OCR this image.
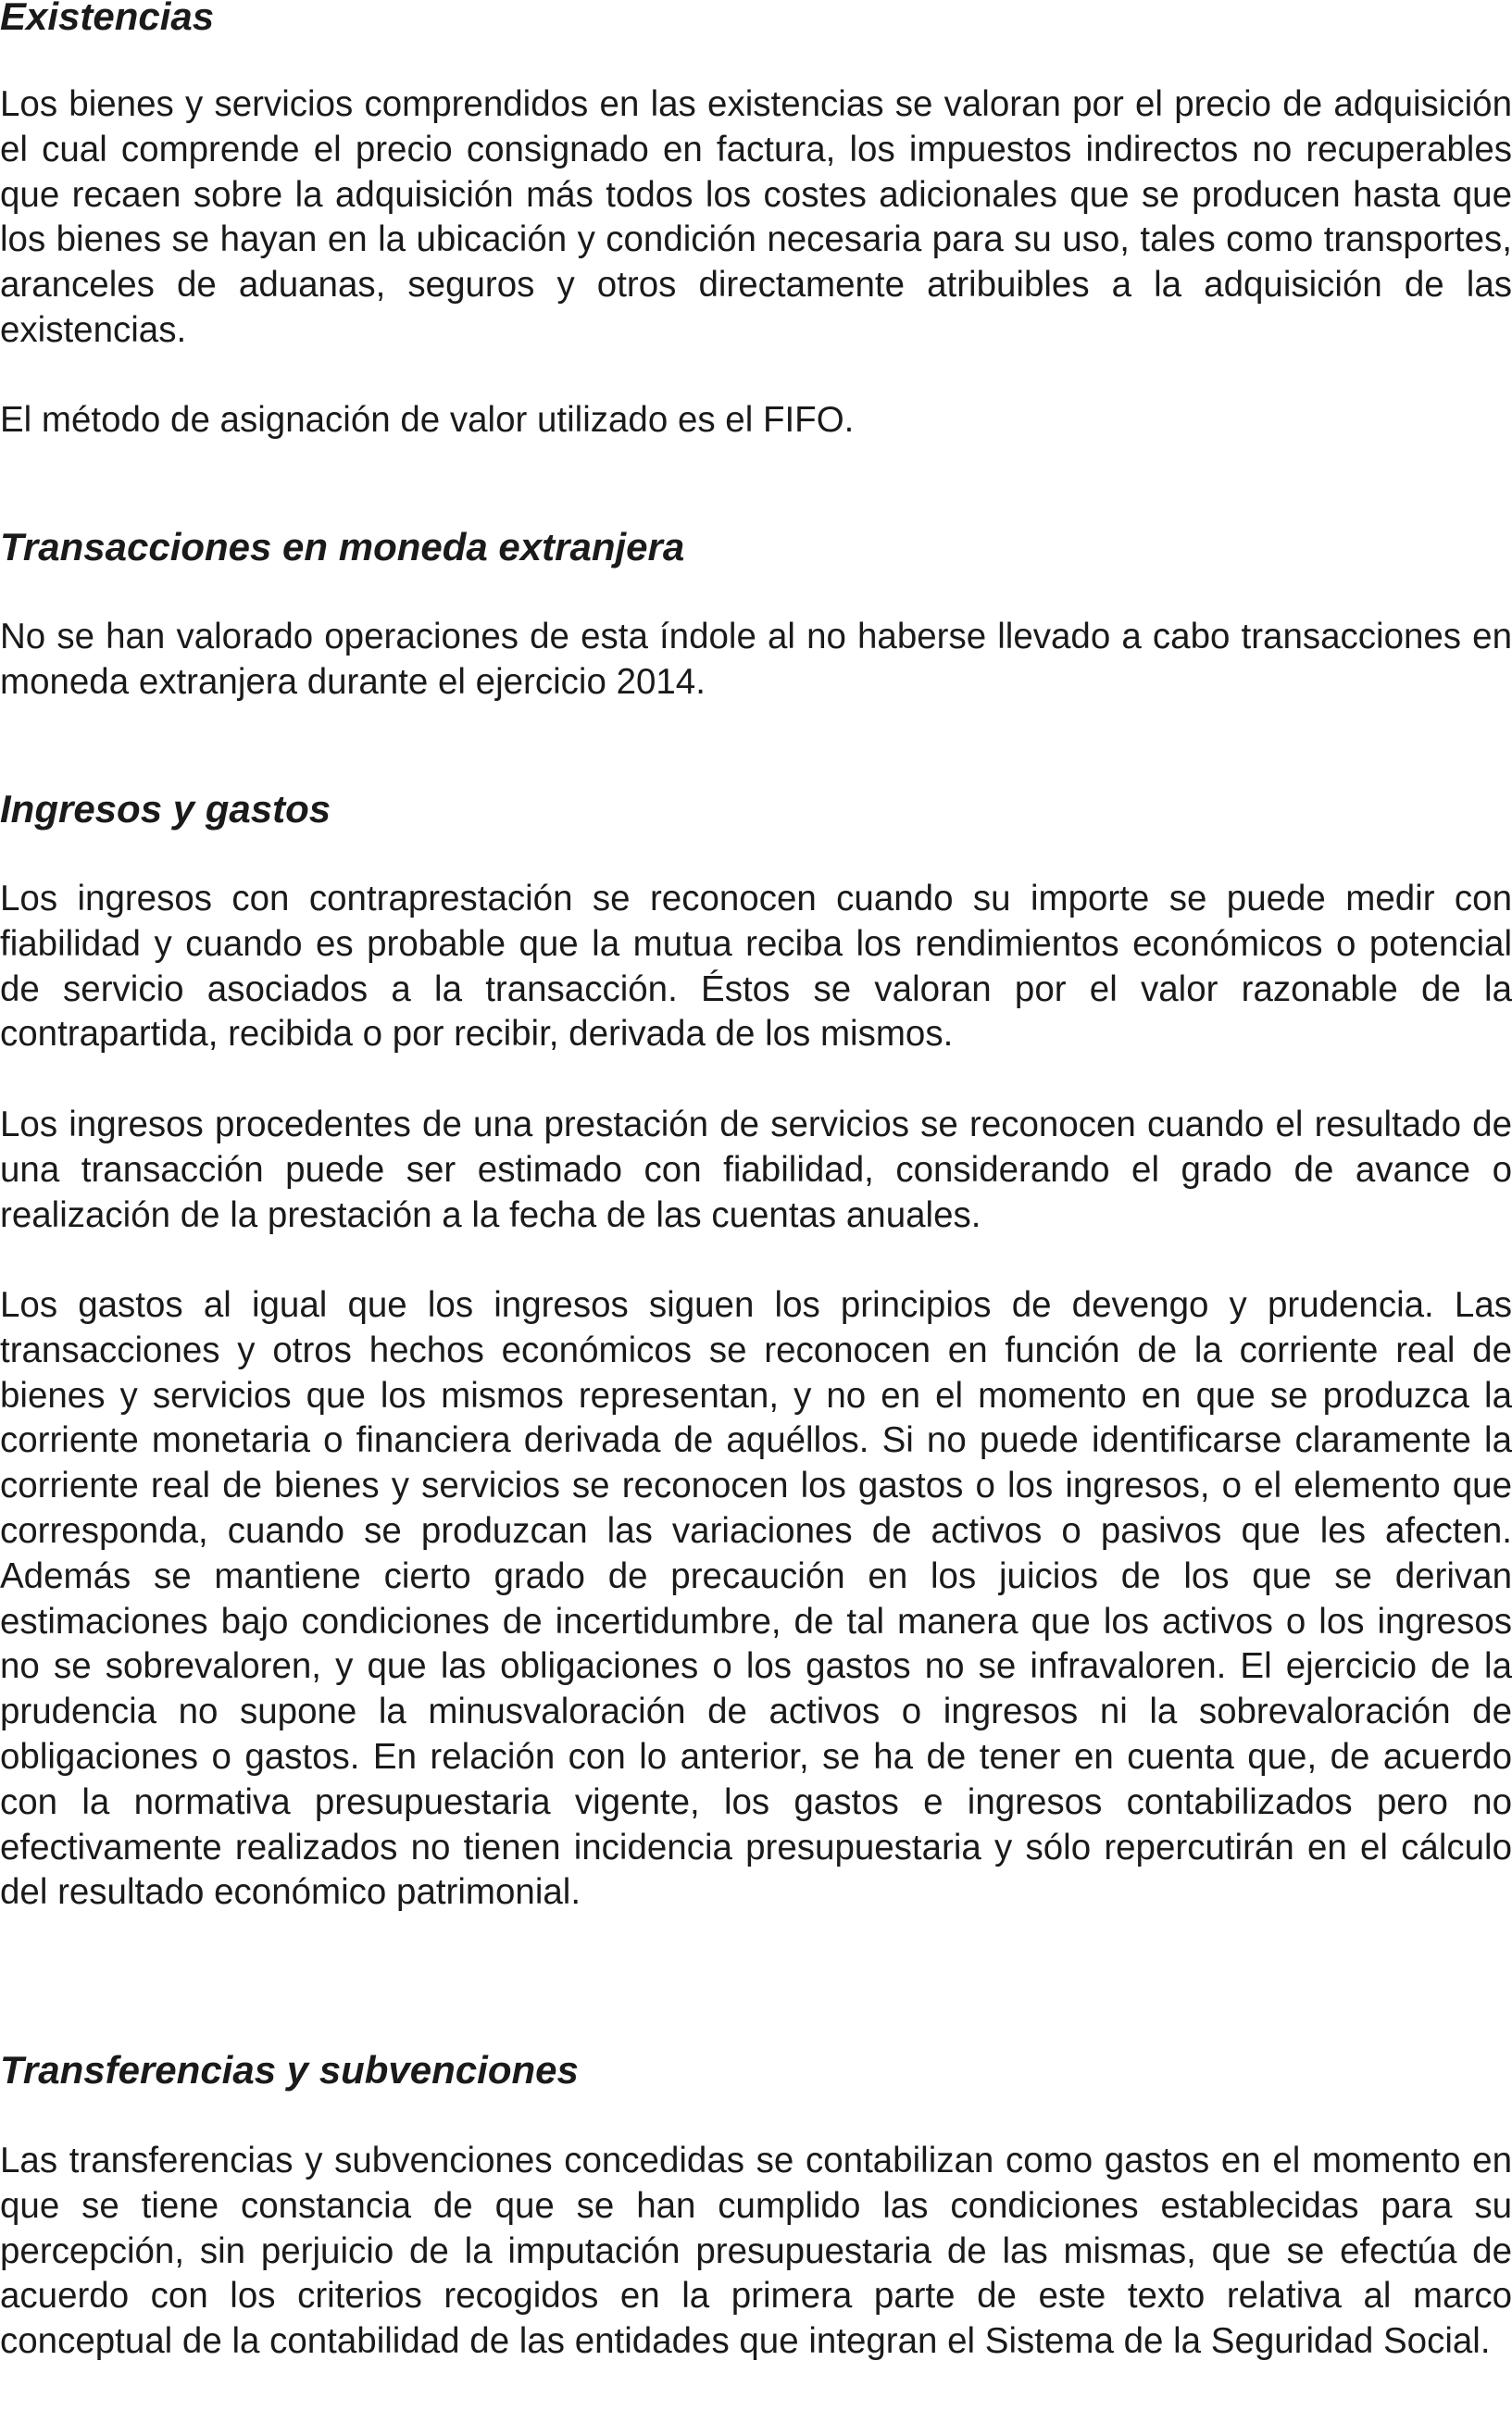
Existencias

Los bienes y servicios comprendidos en las existencias se valoran por el precio de adquisición el cual comprende el precio consignado en factura, los impuestos indirectos no recuperables que recaen sobre la adquisición más todos los costes adicionales que se producen hasta que los bienes se hayan en la ubicación y condición necesaria para su uso, tales como transportes, aranceles de aduanas, seguros y otros directamente atribuibles a la adquisición de las existencias.

El método de asignación de valor utilizado es el FIFO.

Transacciones en moneda extranjera

No se han valorado operaciones de esta índole al no haberse llevado a cabo transacciones en moneda extranjera durante el ejercicio 2014.

Ingresos y gastos

Los ingresos con contraprestación se reconocen cuando su importe se puede medir con fiabilidad y cuando es probable que la mutua reciba los rendimientos económicos o potencial de servicio asociados a la transacción. Éstos se valoran por el valor razonable de la contrapartida, recibida o por recibir, derivada de los mismos.

Los ingresos procedentes de una prestación de servicios se reconocen cuando el resultado de una transacción puede ser estimado con fiabilidad, considerando el grado de avance o realización de la prestación a la fecha de las cuentas anuales.

Los gastos al igual que los ingresos siguen los principios de devengo y prudencia. Las transacciones y otros hechos económicos se reconocen en función de la corriente real de bienes y servicios que los mismos representan, y no en el momento en que se produzca la corriente monetaria o financiera derivada de aquéllos. Si no puede identificarse claramente la corriente real de bienes y servicios se reconocen los gastos o los ingresos, o el elemento que corresponda, cuando se produzcan las variaciones de activos o pasivos que les afecten. Además se mantiene cierto grado de precaución en los juicios de los que se derivan estimaciones bajo condiciones de incertidumbre, de tal manera que los activos o los ingresos no se sobrevaloren, y que las obligaciones o los gastos no se infravaloren. El ejercicio de la prudencia no supone la minusvaloración de activos o ingresos ni la sobrevaloración de obligaciones o gastos. En relación con lo anterior, se ha de tener en cuenta que, de acuerdo con la normativa presupuestaria vigente, los gastos e ingresos contabilizados pero no efectivamente realizados no tienen incidencia presupuestaria y sólo repercutirán en el cálculo del resultado económico patrimonial.

Transferencias y subvenciones

Las transferencias y subvenciones concedidas se contabilizan como gastos en el momento en que se tiene constancia de que se han cumplido las condiciones establecidas para su percepción, sin perjuicio de la imputación presupuestaria de las mismas, que se efectúa de acuerdo con los criterios recogidos en la primera parte de este texto relativa al marco conceptual de la contabilidad de las entidades que integran el Sistema de la Seguridad Social.
